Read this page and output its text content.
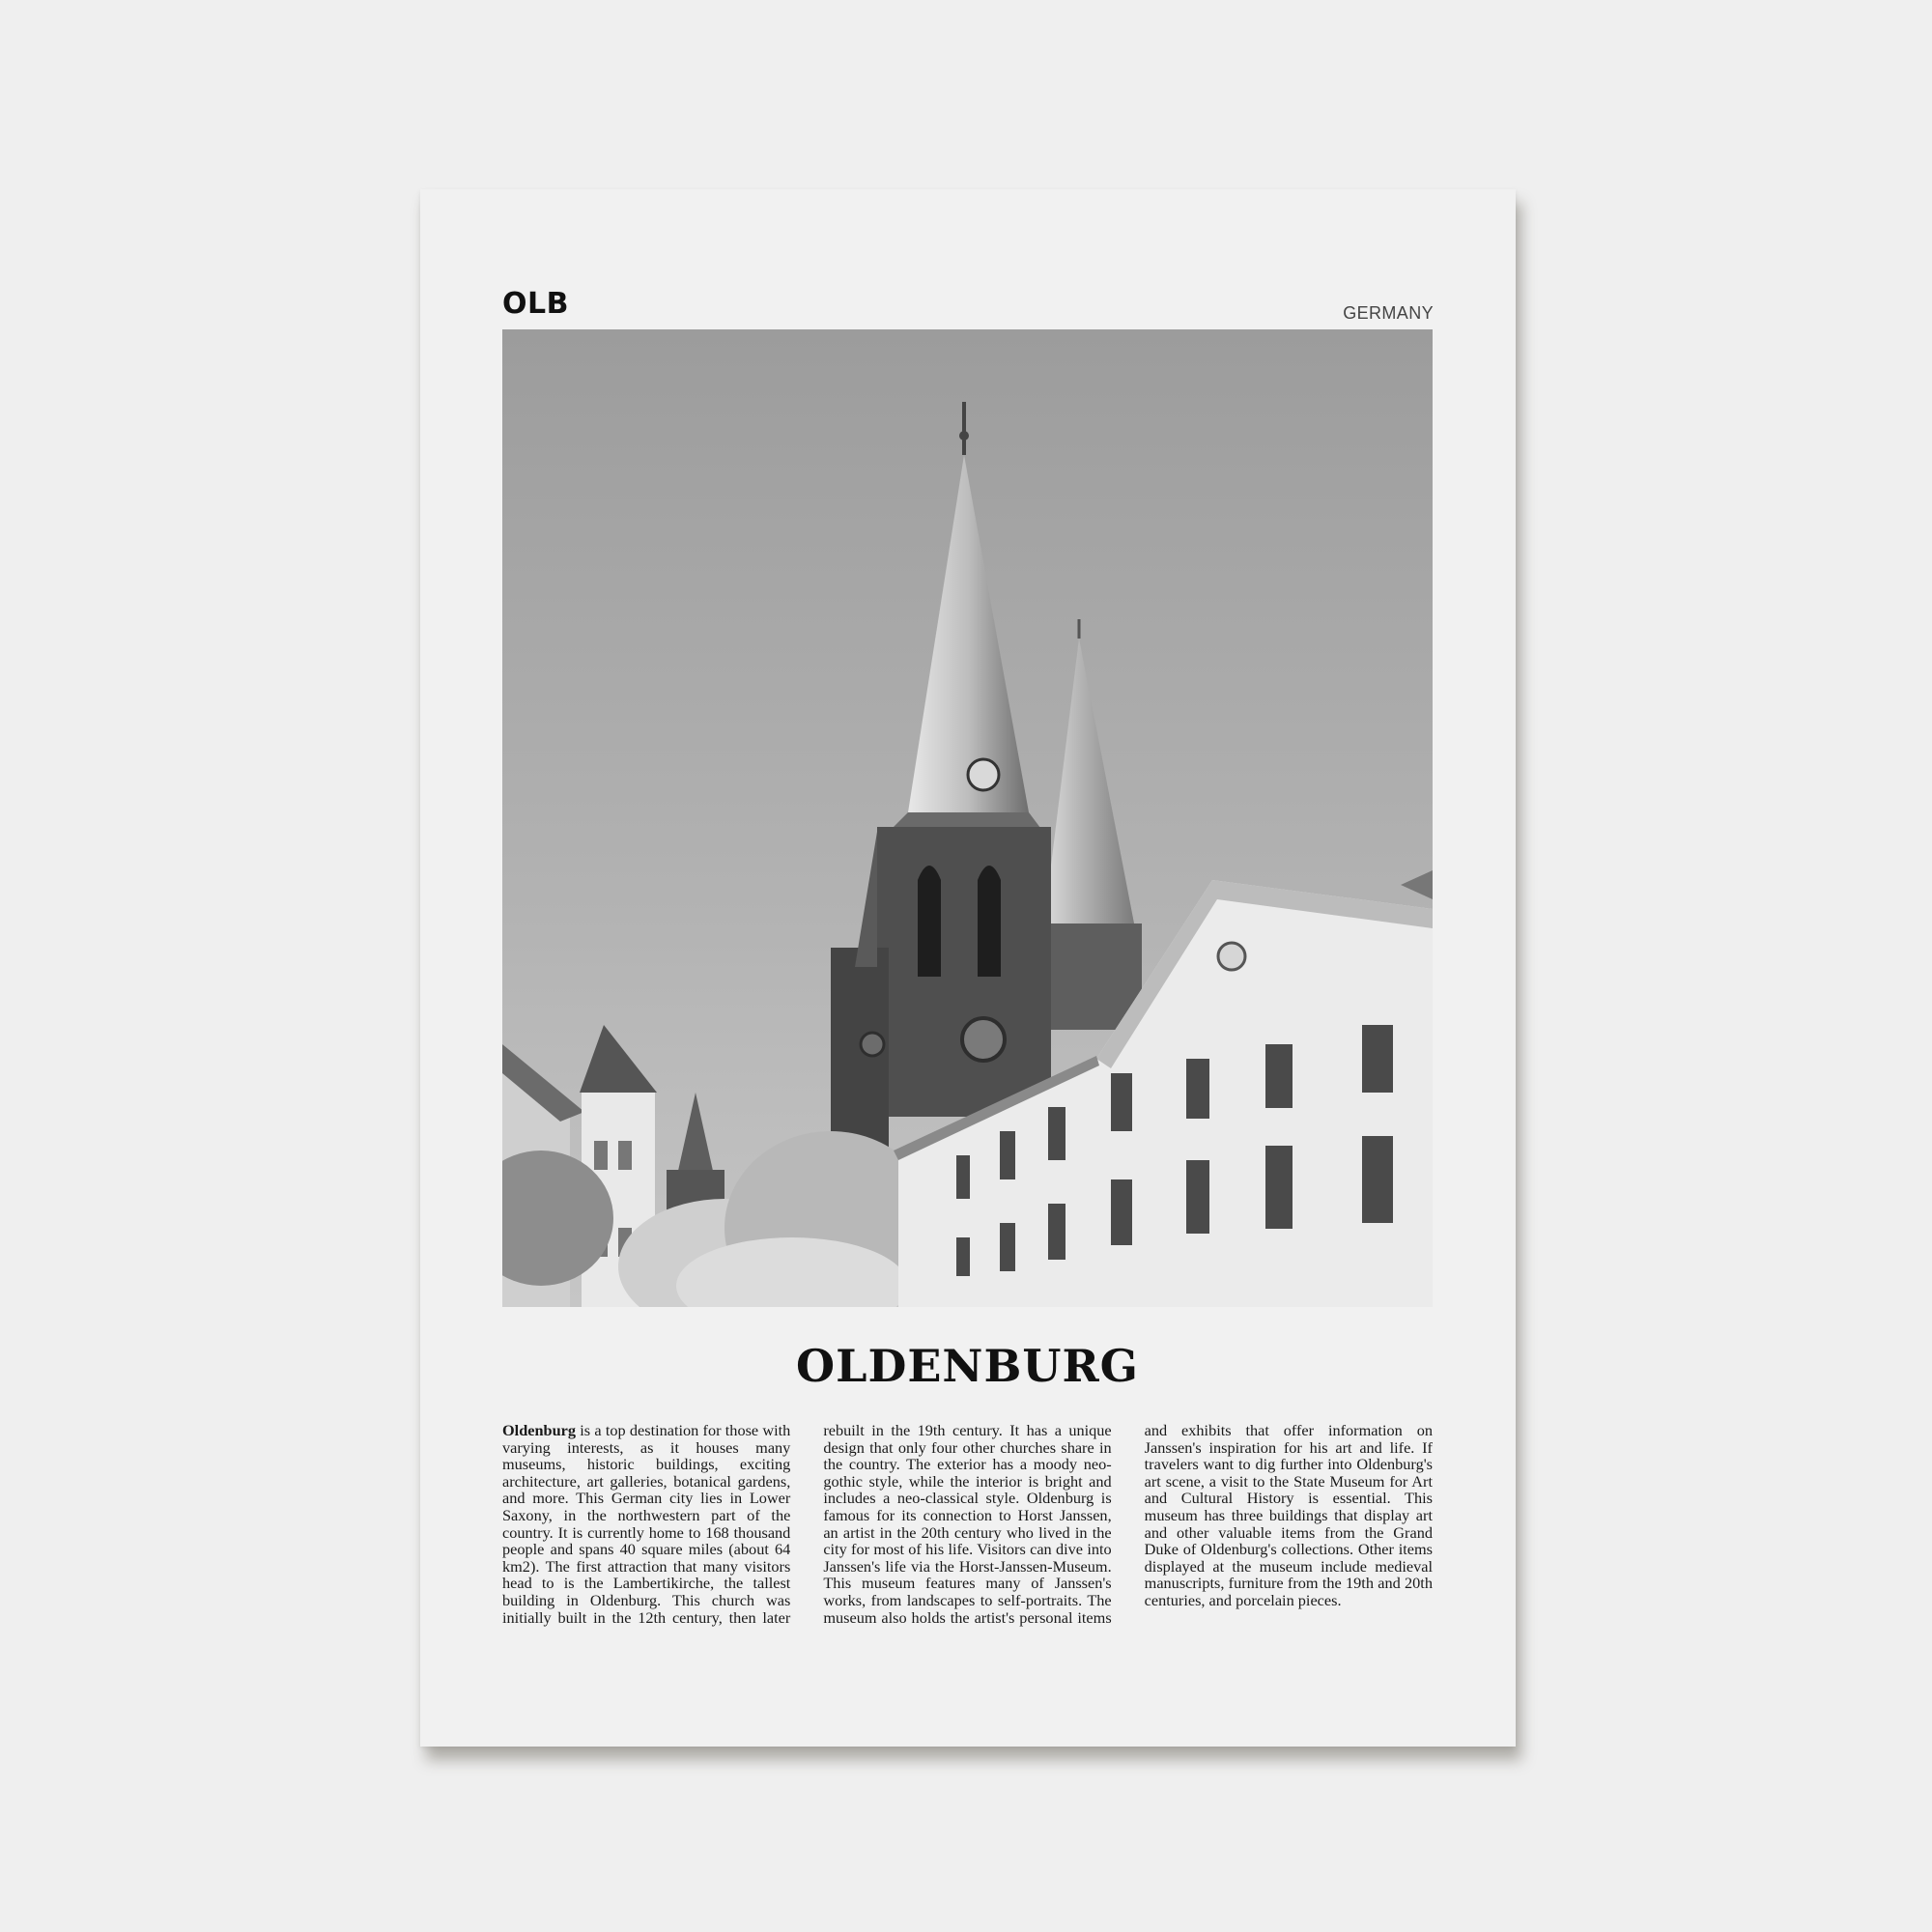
OLB	GERMANY
OLDENBURG
Oldenburg is a top destination for those with varying interests, as it houses many museums, historic buildings, exciting architecture, art galleries, botanical gardens, and more. This German city lies in Lower Saxony, in the northwestern part of the country. It is currently home to 168 thousand people and spans 40 square miles (about 64 km2). The first attraction that many visitors head to is the Lambertikirche, the tallest building in Oldenburg. This church was initially built in the 12th century, then later rebuilt in the 19th century. It has a unique design that only four other churches share in the country. The exterior has a moody neo-gothic style, while the interior is bright and includes a neo-classical style. Oldenburg is famous for its connection to Horst Janssen, an artist in the 20th century who lived in the city for most of his life. Visitors can dive into Janssen's life via the Horst-Janssen-Museum. This museum features many of Janssen's works, from landscapes to self-portraits. The museum also holds the artist's personal items and exhibits that offer information on Janssen's inspiration for his art and life. If travelers want to dig further into Oldenburg's art scene, a visit to the State Museum for Art and Cultural History is essential. This museum has three buildings that display art and other valuable items from the Grand Duke of Oldenburg's collections. Other items displayed at the museum include medieval manuscripts, furniture from the 19th and 20th centuries, and porcelain pieces.
